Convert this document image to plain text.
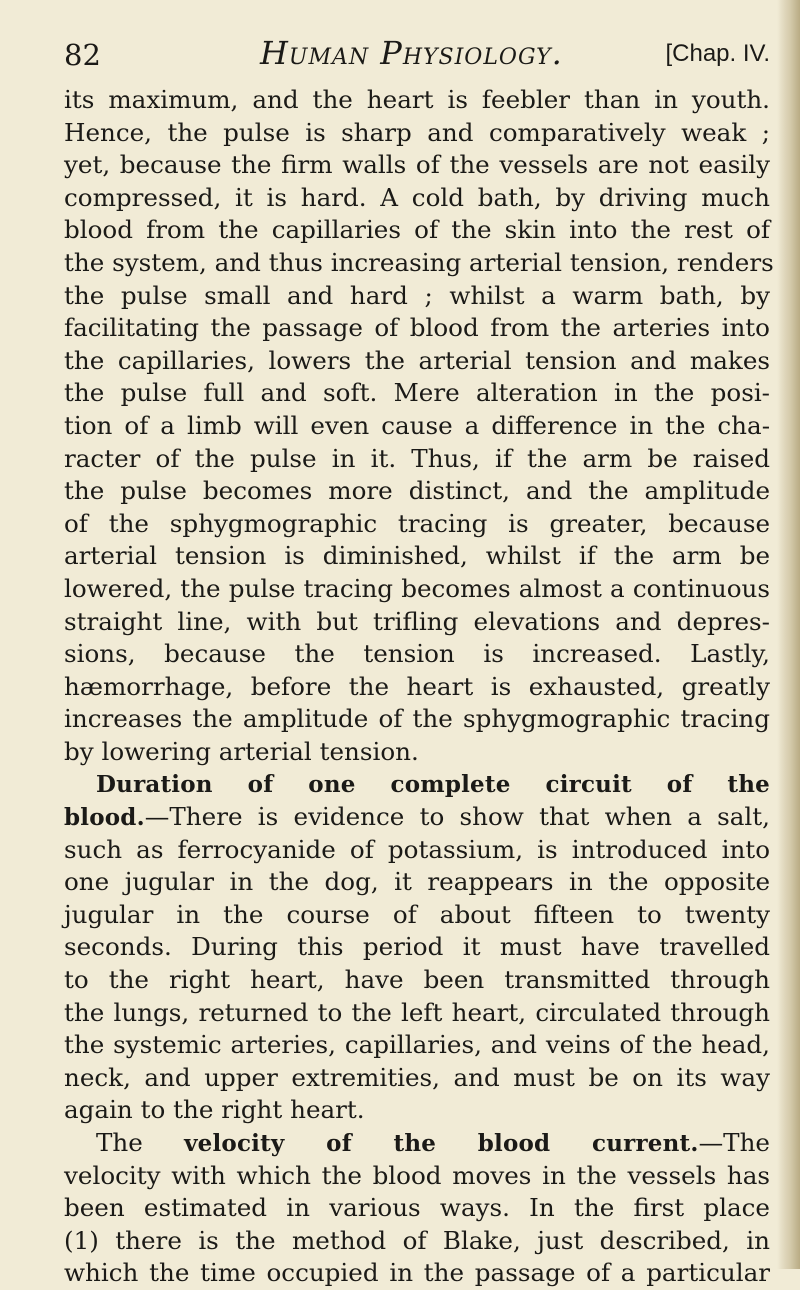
82	Human Physiology.	[Chap. IV.
its maximum, and the heart is feebler than in youth.
Hence, the pulse is sharp and comparatively weak ;
yet, because the firm walls of the vessels are not easily
compressed, it is hard. A cold bath, by driving much
blood from the capillaries of the skin into the rest of
the system, and thus increasing arterial tension, renders
the pulse small and hard ; whilst a warm bath, by
facilitating the passage of blood from the arteries into
the capillaries, lowers the arterial tension and makes
the pulse full and soft. Mere alteration in the posi-
tion of a limb will even cause a difference in the cha-
racter of the pulse in it. Thus, if the arm be raised
the pulse becomes more distinct, and the amplitude
of the sphygmographic tracing is greater, because
arterial tension is diminished, whilst if the arm be
lowered, the pulse tracing becomes almost a continuous
straight line, with but trifling elevations and depres-
sions, because the tension is increased. Lastly,
hæmorrhage, before the heart is exhausted, greatly
increases the amplitude of the sphygmographic tracing
by lowering arterial tension.
Duration of one complete circuit of the
blood.—There is evidence to show that when a salt,
such as ferrocyanide of potassium, is introduced into
one jugular in the dog, it reappears in the opposite
jugular in the course of about fifteen to twenty
seconds. During this period it must have travelled
to the right heart, have been transmitted through
the lungs, returned to the left heart, circulated through
the systemic arteries, capillaries, and veins of the head,
neck, and upper extremities, and must be on its way
again to the right heart.
The velocity of the blood current.—The
velocity with which the blood moves in the vessels has
been estimated in various ways. In the first place
(1) there is the method of Blake, just described, in
which the time occupied in the passage of a particular
